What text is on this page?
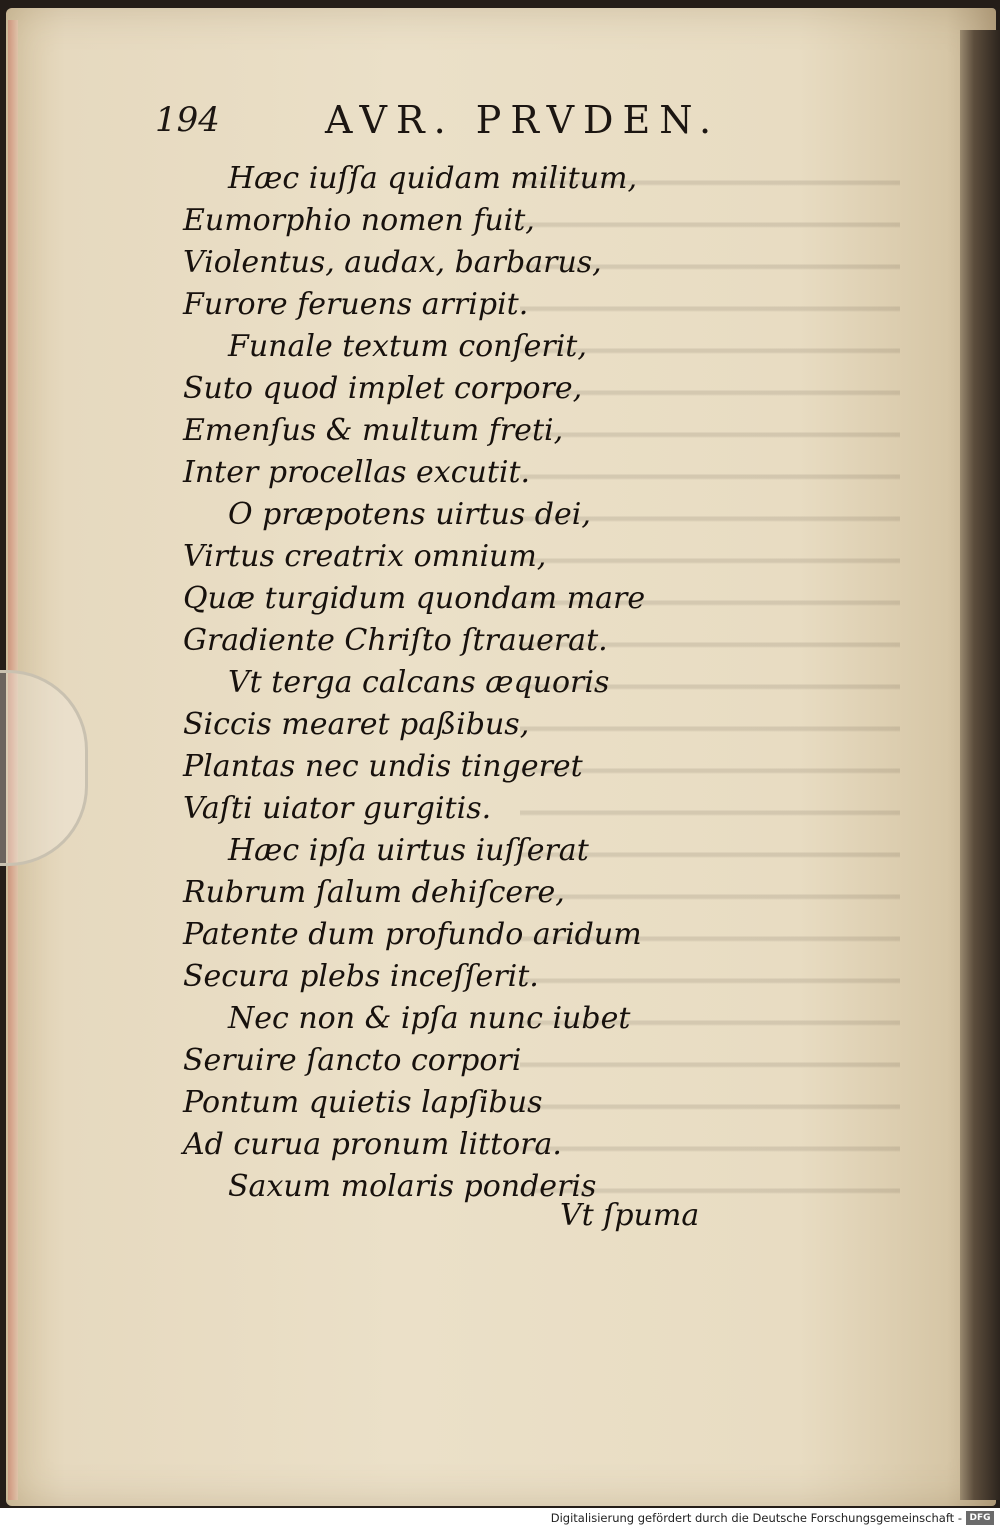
194	AVR. PRVDEN.
Hæc iuſſa quidam militum,
Eumorphio nomen fuit,
Violentus, audax, barbarus,
Furore feruens arripit.
Funale textum conſerit,
Suto quod implet corpore,
Emenſus & multum freti,
Inter procellas excutit.
O præpotens uirtus dei,
Virtus creatrix omnium,
Quæ turgidum quondam mare
Gradiente Chriſto ſtrauerat.
Vt terga calcans æquoris
Siccis mearet paßibus,
Plantas nec undis tingeret
Vaſti uiator gurgitis.
Hæc ipſa uirtus iuſſerat
Rubrum ſalum dehiſcere,
Patente dum profundo aridum
Secura plebs inceſſerit.
Nec non & ipſa nunc iubet
Seruire ſancto corpori
Pontum quietis lapſibus
Ad curua pronum littora.
Saxum molaris ponderis
Vt ſpuma
Digitalisierung gefördert durch die Deutsche Forschungsgemeinschaft - DFG
